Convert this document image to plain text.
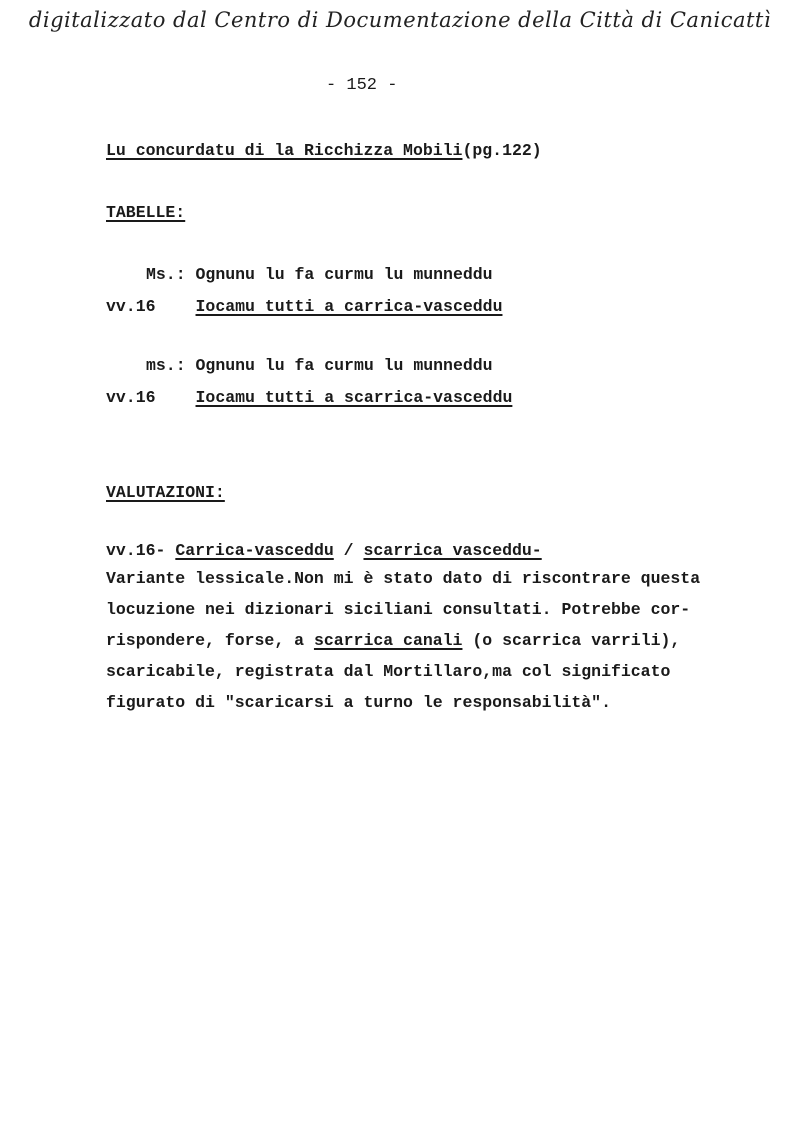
digitalizzato dal Centro di Documentazione della Città di Canicattì
- 152 -
Lu concurdatu di la Ricchizza Mobili(pg.122)
TABELLE:
Ms.: Ognunu lu fa curmu lu munneddu
vv.16 Iocamu tutti a carrica-vasceddu
ms.: Ognunu lu fa curmu lu munneddu
vv.16 Iocamu tutti a scarrica-vasceddu
VALUTAZIONI:
vv.16- Carrica-vasceddu / scarrica vasceddu-
Variante lessicale.Non mi è stato dato di riscontrare questa
locuzione nei dizionari siciliani consultati. Potrebbe cor-
rispondere, forse, a scarrica canali (o scarrica varrili),
scaricabile, registrata dal Mortillaro,ma col significato
figurato di "scaricarsi a turno le responsabilità".
